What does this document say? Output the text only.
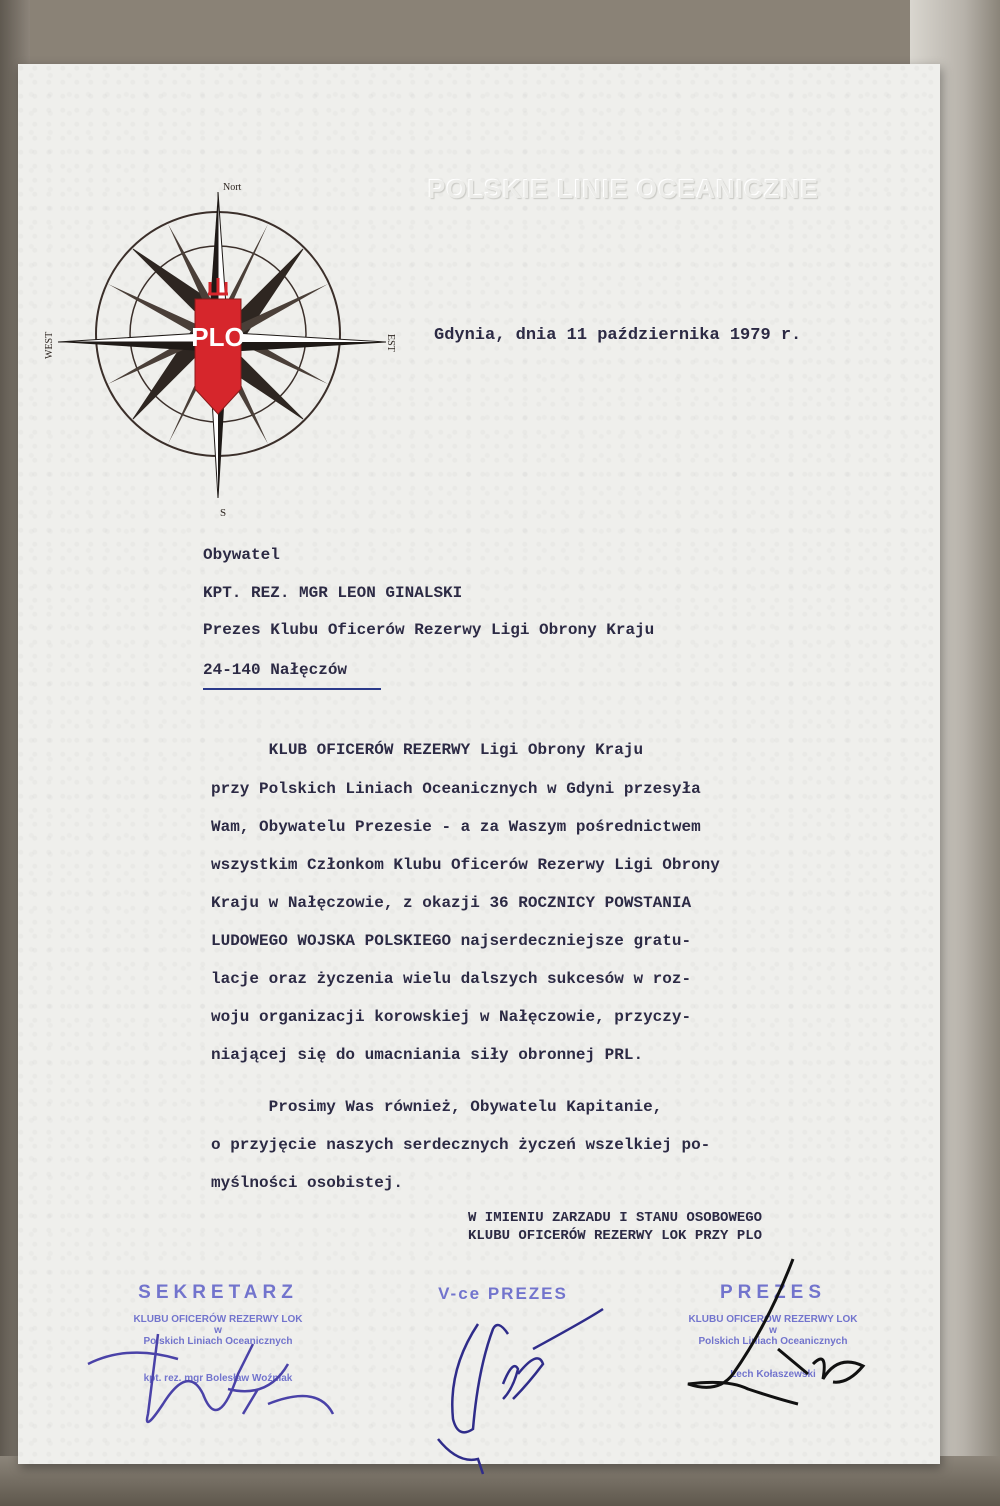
PLO
Nort
EST
WEST
S
POLSKIE LINIE OCEANICZNE
Gdynia, dnia 11 października 1979 r.
Obywatel
KPT. REZ. MGR LEON GINALSKI
Prezes Klubu Oficerów Rezerwy Ligi Obrony Kraju
24-140 Nałęczów
KLUB OFICERÓW REZERWY Ligi Obrony Kraju
przy Polskich Liniach Oceanicznych w Gdyni przesyła
Wam, Obywatelu Prezesie - a za Waszym pośrednictwem
wszystkim Członkom Klubu Oficerów Rezerwy Ligi Obrony
Kraju w Nałęczowie, z okazji 36 ROCZNICY POWSTANIA
LUDOWEGO WOJSKA POLSKIEGO najserdeczniejsze gratu-
lacje oraz życzenia wielu dalszych sukcesów w roz-
woju organizacji korowskiej w Nałęczowie, przyczy-
niającej się do umacniania siły obronnej PRL.
Prosimy Was również, Obywatelu Kapitanie,
o przyjęcie naszych serdecznych życzeń wszelkiej po-
myślności osobistej.
W IMIENIU ZARZADU I STANU OSOBOWEGO
KLUBU OFICERÓW REZERWY LOK PRZY PLO
SEKRETARZ
KLUBU OFICERÓW REZERWY LOK
w
Polskich Liniach Oceanicznych
kpt. rez. mgr Bolesław Woźniak
V-ce PREZES	PREZES
KLUBU OFICERÓW REZERWY LOK
w
Polskich Liniach Oceanicznych
Lech Kołaszewski
